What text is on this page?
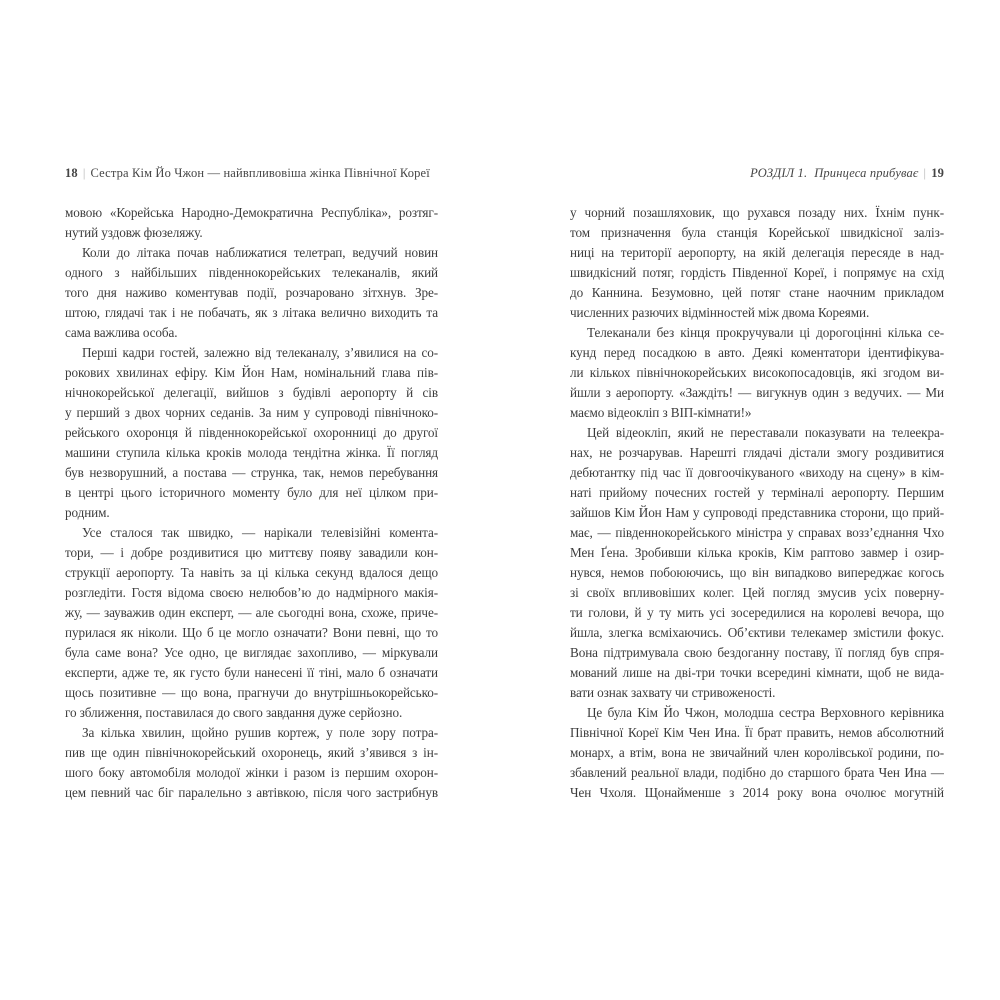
18 | Сестра Кім Йо Чжон — найвпливовіша жінка Північної Кореї
мовою «Корейська Народно-Демократична Республіка», розтяг-
нутий уздовж фюзеляжу.
Коли до літака почав наближатися телетрап, ведучий новин
одного з найбільших південнокорейських телеканалів, який
того дня наживо коментував події, розчаровано зітхнув. Зре-
штою, глядачі так і не побачать, як з літака велично виходить та
сама важлива особа.
Перші кадри гостей, залежно від телеканалу, з’явилися на со-
рокових хвилинах ефіру. Кім Йон Нам, номінальний глава пів-
нічнокорейської делегації, вийшов з будівлі аеропорту й сів
у перший з двох чорних седанів. За ним у супроводі північноко-
рейського охоронця й південнокорейської охоронниці до другої
машини ступила кілька кроків молода тендітна жінка. Її погляд
був незворушний, а постава — струнка, так, немов перебування
в центрі цього історичного моменту було для неї цілком при-
родним.
Усе сталося так швидко, — нарікали телевізійні комента-
тори, — і добре роздивитися цю миттєву появу завадили кон-
струкції аеропорту. Та навіть за ці кілька секунд вдалося дещо
розгледіти. Гостя відома своєю нелюбов’ю до надмірного макія-
жу, — зауважив один експерт, — але сьогодні вона, схоже, приче-
пурилася як ніколи. Що б це могло означати? Вони певні, що то
була саме вона? Усе одно, це виглядає захопливо, — міркували
експерти, адже те, як густо були нанесені її тіні, мало б означати
щось позитивне — що вона, прагнучи до внутрішньокорейсько-
го зближення, поставилася до свого завдання дуже серйозно.
За кілька хвилин, щойно рушив кортеж, у поле зору потра-
пив ще один північнокорейський охоронець, який з’явився з ін-
шого боку автомобіля молодої жінки і разом із першим охорон-
цем певний час біг паралельно з автівкою, після чого застрибнув
РОЗДІЛ 1. Принцеса прибуває | 19
у чорний позашляховик, що рухався позаду них. Їхнім пунк-
том призначення була станція Корейської швидкісної заліз-
ниці на території аеропорту, на якій делегація пересяде в над-
швидкісний потяг, гордість Південної Кореї, і попрямує на схід
до Каннина. Безумовно, цей потяг стане наочним прикладом
численних разючих відмінностей між двома Кореями.
Телеканали без кінця прокручували ці дорогоцінні кілька се-
кунд перед посадкою в авто. Деякі коментатори ідентифікува-
ли кількох північнокорейських високопосадовців, які згодом ви-
йшли з аеропорту. «Заждіть! — вигукнув один з ведучих. — Ми
маємо відеокліп з ВІП-кімнати!»
Цей відеокліп, який не переставали показувати на телеекра-
нах, не розчарував. Нарешті глядачі дістали змогу роздивитися
дебютантку під час її довгоочікуваного «виходу на сцену» в кім-
наті прийому почесних гостей у терміналі аеропорту. Першим
зайшов Кім Йон Нам у супроводі представника сторони, що прий-
має, — південнокорейського міністра у справах возз’єднання Чхо
Мен Ґена. Зробивши кілька кроків, Кім раптово завмер і озир-
нувся, немов побоюючись, що він випадково випереджає когось
зі своїх впливовіших колег. Цей погляд змусив усіх поверну-
ти голови, й у ту мить усі зосередилися на королеві вечора, що
йшла, злегка всміхаючись. Об’єктиви телекамер змістили фокус.
Вона підтримувала свою бездоганну поставу, її погляд був спря-
мований лише на дві-три точки всередині кімнати, щоб не вида-
вати ознак захвату чи стривоженості.
Це була Кім Йо Чжон, молодша сестра Верховного керівника
Північної Кореї Кім Чен Ина. Її брат править, немов абсолютний
монарх, а втім, вона не звичайний член королівської родини, по-
збавлений реальної влади, подібно до старшого брата Чен Ина —
Чен Чхоля. Щонайменше з 2014 року вона очолює могутній
